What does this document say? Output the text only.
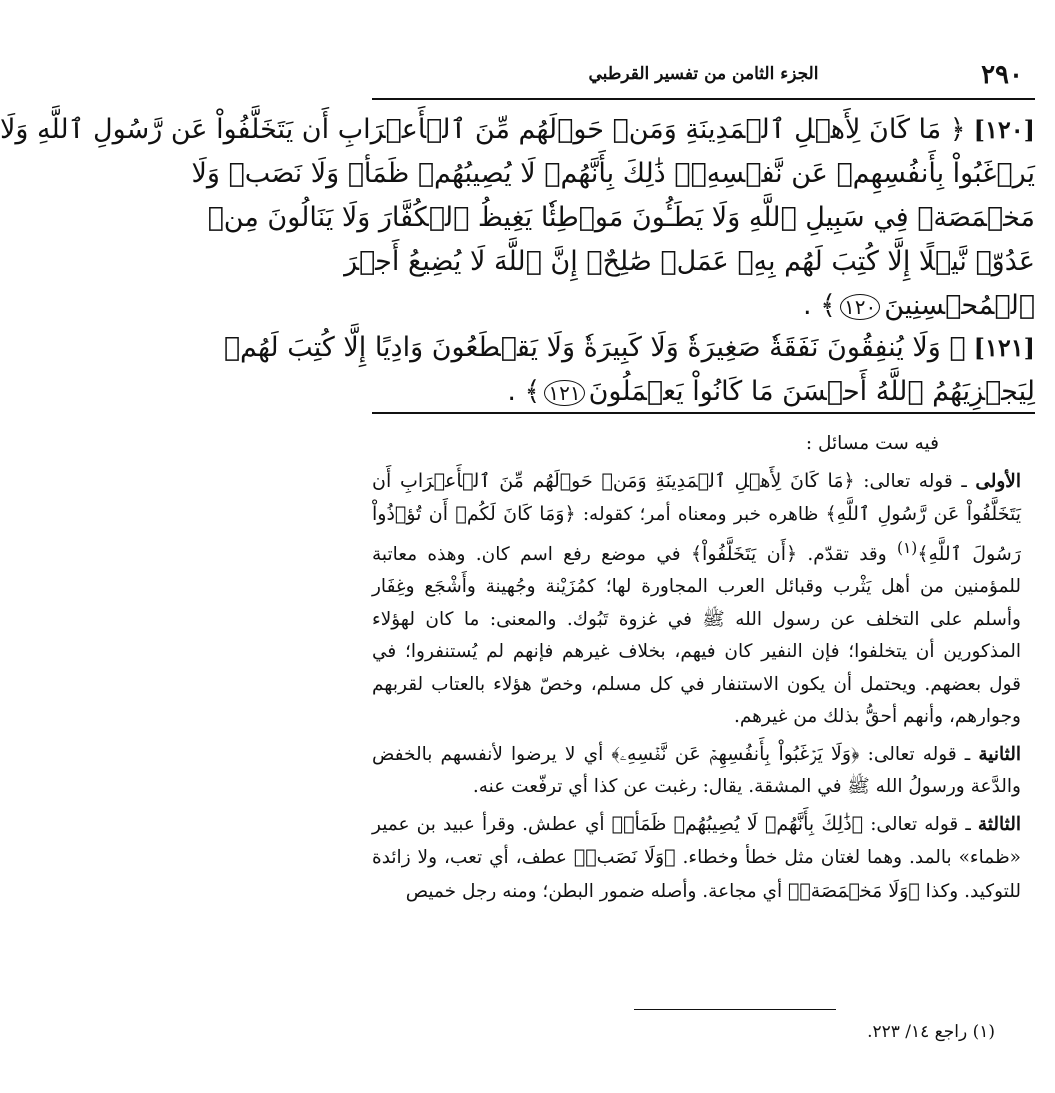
٢٩٠
الجزء الثامن من تفسير القرطبي
[١٢٠]﴿ مَا كَانَ لِأَهۡلِ ٱلۡمَدِينَةِ وَمَنۡ حَوۡلَهُم مِّنَ ٱلۡأَعۡرَابِ أَن يَتَخَلَّفُواْ عَن رَّسُولِ ٱللَّهِ وَلَا
يَرۡغَبُواْ بِأَنفُسِهِمۡ عَن نَّفۡسِهِۦۚ ذَٰلِكَ بِأَنَّهُمۡ لَا يُصِيبُهُمۡ ظَمَأٞ وَلَا نَصَبٞ وَلَا
مَخۡمَصَةٞ فِي سَبِيلِ ٱللَّهِ وَلَا يَطَـُٔونَ مَوۡطِئٗا يَغِيظُ ٱلۡكُفَّارَ وَلَا يَنَالُونَ مِنۡ
عَدُوّٖ نَّيۡلًا إِلَّا كُتِبَ لَهُم بِهِۦ عَمَلٞ صَٰلِحٌۚ إِنَّ ٱللَّهَ لَا يُضِيعُ أَجۡرَ
ٱلۡمُحۡسِنِينَ١٢٠﴾ .
[١٢١]﴿ وَلَا يُنفِقُونَ نَفَقَةٗ صَغِيرَةٗ وَلَا كَبِيرَةٗ وَلَا يَقۡطَعُونَ وَادِيًا إِلَّا كُتِبَ لَهُمۡ
لِيَجۡزِيَهُمُ ٱللَّهُ أَحۡسَنَ مَا كَانُواْ يَعۡمَلُونَ١٢١﴾ .

فيه ست مسائل :

الأولى ـ قوله تعالى: ﴿مَا كَانَ لِأَهۡلِ ٱلۡمَدِينَةِ وَمَنۡ حَوۡلَهُم مِّنَ ٱلۡأَعۡرَابِ أَن يَتَخَلَّفُواْ عَن رَّسُولِ ٱللَّهِ﴾ ظاهره خبر ومعناه أمر؛ كقوله: ﴿وَمَا كَانَ لَكُمۡ أَن تُؤۡذُواْ رَسُولَ ٱللَّهِ﴾$^{(١)}$ وقد تقدّم. ﴿أَن يَتَخَلَّفُواْ﴾ في موضع رفع اسم كان. وهذه معاتبة للمؤمنين من أهل يَثْرب وقبائل العرب المجاورة لها؛ كمُزَيْنة وجُهينة وأَشْجَع وغِفَار وأسلم على التخلف عن رسول الله ﷺ في غزوة تَبُوك. والمعنى: ما كان لهؤلاء المذكورين أن يتخلفوا؛ فإن النفير كان فيهم، بخلاف غيرهم فإنهم لم يُستنفروا؛ في قول بعضهم. ويحتمل أن يكون الاستنفار في كل مسلم، وخصّ هؤلاء بالعتاب لقربهم وجوارهم، وأنهم أحقُّ بذلك من غيرهم.

الثانية ـ قوله تعالى: ﴿وَلَا يَرۡغَبُواْ بِأَنفُسِهِمۡ عَن نَّفۡسِهِۦ﴾ أي لا يرضوا لأنفسهم بالخفض والدَّعة ورسولُ الله ﷺ في المشقة. يقال: رغبت عن كذا أي ترفّعت عنه.

الثالثة ـ قوله تعالى: ﴿ذَٰلِكَ بِأَنَّهُمۡ لَا يُصِيبُهُمۡ ظَمَأٞ﴾ أي عطش. وقرأ عبيد بن عمير «ظماء» بالمد. وهما لغتان مثل خطأ وخطاء. ﴿وَلَا نَصَبٞ﴾ عطف، أي تعب، ولا زائدة للتوكيد. وكذا ﴿وَلَا مَخۡمَصَةٞ﴾ أي مجاعة. وأصله ضمور البطن؛ ومنه رجل خميص

(١) راجع ١٤/ ٢٢٣.
